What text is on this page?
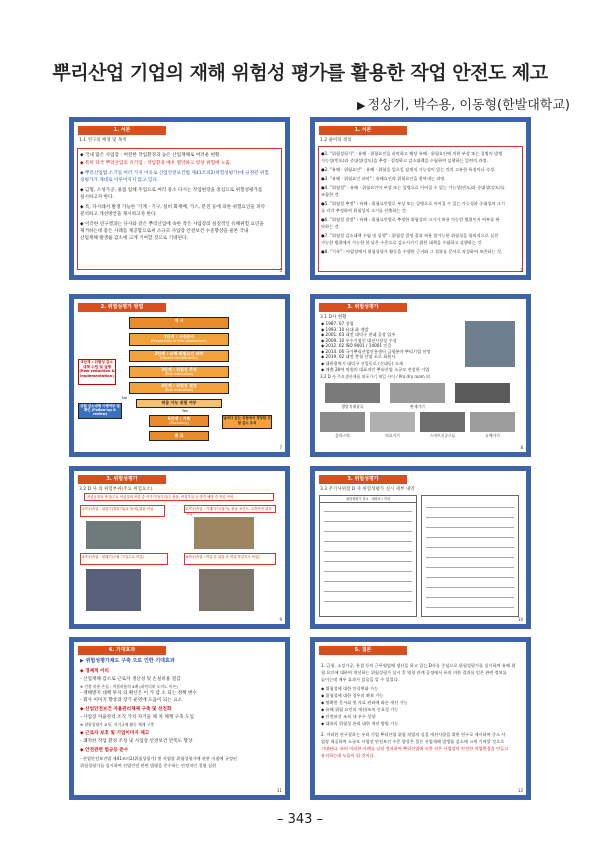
뿌리산업 기업의 재해 위험성 평가를 활용한 작업 안전도 제고
▶ 정상기, 박수용, 이동형(한발대학교)
1. 서론
1.1 연구의 배경 및 목적
◆ 국내 많은 사업장 : 여전한 작업환경과 높은 산업재해로 여러운 현황.
◆ 특히 타국 뿌리산업의 유기업 : 작업환경 매우 열악하고 항상 위험에 노출.
◆ 뿌리산업법 소기업 여러 가지 이유로 산업안전보건법 제41조의2(위험성평가)에 규정된 위험
성평가가 제대로 이루어지지 않고 있다.
◆ 금형, 소성가공, 용접 업체 주업으로 여러 중소 다시는 작업현장을 중심으로 위험성평가를
실시하고자 한다.
◆ 특, 다사례서 발생 가능한 '기계 - 기구, 설비 화재배, 가스, 분진 등에 의한 위험요인을 파악
분석하고 개선방안을 제시하고자 한다.
◆ 이러한 연구결과는 다사와 같은 뿌리산업에 속한 작은 사업장의 실질적인 유해위험 요인을
제거하는데 좋은 사례를 제공함으로써 소규모 사업장 안전보건 수준향상을 물론 국내
산업재해 발생률 감소에 크게 기여할 것으로 기대된다.
5
1. 서론
1.2 용어의 정의
●1. "위험성평가" : 유해 · 위험요인을 파악하고 해당 유해 · 위험요인에 의한 부상 또는 질병의 발생
가능성(빈도)과 중대성(강도)을 추정 · 결정하고 감소대책을 수립하여 실행하는 일련의 과정.
●2. "유해 · 위험요인" : 유해 · 위험을 일으킬 잠재적 가능성이 있는 것의 고유한 특징이나 속성.
●3. "유해 · 위험요인 파악" : 유해요인과 위험요인을 찾아내는 과정.
●4. "위험성" : 유해 · 위험요인이 부상 또는 질병으로 이어질 수 있는 가능성(빈도)과 중대성(강도)를
조합한 것.
●5. "위험성 추정" : 유해 · 위험요인별로 부상 또는 질병으로 이어질 수 있는 가능성과 중대성의 크기
를 각각 추정하여 위험성의 크기를 산출하는 것.
●6. "위험성 결정" : 유해 · 위험요인별로 추정한 위험성의 크기가 허용 가능한 범위인지 여부를 판
단하는 것.
●7. "위험성 감소대책 수립 및 실행" : 위험성 결정 결과 허용 불가능한 위험성을 합리적으로 실천
가능한 범위에서 가능한 한 낮은 수준으로 감소시키기 위한 대책을 수립하고 실행하는 것.
●8. "기록" : 사업장에서 위험성평가 활동을 수행한 근거와 그 결과를 문서로 작성하여 보존하는 것.
2
2. 위험성평가 방법
개 시
1단계 : 사전준비
(Preparation of Risk assessment)
2단계 : 유해·위험요인 파악
(Hazard identification)
3단계 : 위험성 추정
(Risk estimation)
4단계 : 위험성 결정
(Risk evaluation)
5단계 : 위험성 감소 대책 수립 및 실행 (Risk reduction & implementation)
허용 가능 위험 여부
Yes
No
위험 감소대책 이행여부 및 확인 (Follow-up & review)
6단계 : 기록
(Recording)
날마다 있는 위험에서 정당한 위험 감소 조치
종 료
7
3. 위험성평가
3.1 D사 현황
◆ 1987. 07 창업
◆ 1993. 10 유대 화 개발
◆ 2001. 03 대전 대덕구 현대 공장 입주
◆ 2009. 10 우수기업인 대전시장상 수상
◆ 2012. 02 ISO 9001 / 14001 인증
◆ 2014. 06 국가뿌리산업진흥센터 금형분야 뿌리기업 선정
◆ 2019. 02 대전 충청 산업 포로 회원사
◆ 대한광역시 대덕구 신일동로 (신대동) 소재
◆ 매출 20여 억원의 대표적인 뿌리산업 소규모 전설한 기업
3.2 D 사 주요생산제품 외포가기 제일 사이 / Pro dry room 외
방압지제품류	판재가기
플라스틱	의료기기	스마트신공구류	유체가기
8
3. 위험성평가
3.2 D 사 의 위험부위(주요 위험요소)
작업공정과 작업/주요 작업설비 작업 중 이기기가/기리/주 충돌, 작업부위 등 발견 예방 중 작업 이외
1기다(작업 : 위험기(결함기))/1기(에),위험 작업	2기다(작업 : 기계/우드/접기), 충돌 포인트, 우측안전 위험 작업
3기다(작업 : 원래기/주립 기기/주요 작업)	4기다(작업 : 작업 중 위험 중 작업 작업지시 작업)
9
3. 위험성평가
3.3 주기사위험 D 사 위험성평가 실시 세부 내역
위험성평가 실시 · 대장표 / 작성
10
4. 기대효과
▶ 위험성평가제도 구축 으로 인한 기대효과
◆ 경제적 이익
- 산업재해 감소로 근로자 생산성 및 손실비용 절감
※ 간접 비용 손실 : 직접비용의 4배 (하인리히 도미노 이론)
- 재해방지 대책 투자 의 확산은 이 가 감 소 되는 정책 변수
- 회사 이미지 향상과 장기 운영에 도움이 되는 요소
◆ 산업안전보건 자율관리체제 구축 및 선진화
- 사업장 자율관리 조직 가치 자기들 체 차 체계 구축 도입
※ 위험성평가 교육, 자기규제 활동 체계 구축
◆ 근로자 보호 및 기업이미지 제고
- 쾌적한 작업 환경 조성 및 사업장 안전보건 만족도 향상
◆ 안전관련 법규등 준수
- 산업안전보건법 제41조의2(위험성평가) 및 사업장 위험성평가에 관한 지침에 규정된
위험성평가를 실시하여 산업안전 관련 법령을 준수하는 안정적인 경영 실현
11
5. 결론
1. 금형, 소성가공, 용접 등의 근무영업에 생산을 하고 있는 D사를 중심으로 위험성평가를 실시하여 유해 위
험 요인에 대하여 개선하는 위험성평가 실시 후 영향 관계 공정에서 유의 미한 결과를 얻은 관련 정보를
높이는데 매우 효과가 있음을 알 수 있었다.
◆ 위험성에 대한 인식변화 가능
◆ 위험성에 대한 경우의 확보 가능
◆ 명확한 문서화 및 자료 관리에 따른 개선 가능
◆ 유해 위험 요인의 개선/조치 중요성 가능
◆ 안전보건 조직 내 우수 성향
◆ 대하의 위험성 관리 대한 개선 방법 가능
2. 이러한 연구결과는 우리 기업 뿌리산업 위험 작업의 실질 개선사항을 위한 연구로 제시하여 중소 사
업장 제공하여 소규모 사업장 안전보건 수준 향상은 물론 산업재해 발생률 감소에 크게 기여할 것으로
기대된다. 특히 이러한 사례를 널리 전파하여 뿌리산업에 속한 작은 사업장의 안전한 작업환경을 만들고
유지하는데 도움이 될 것이다.
12
– 343 –
